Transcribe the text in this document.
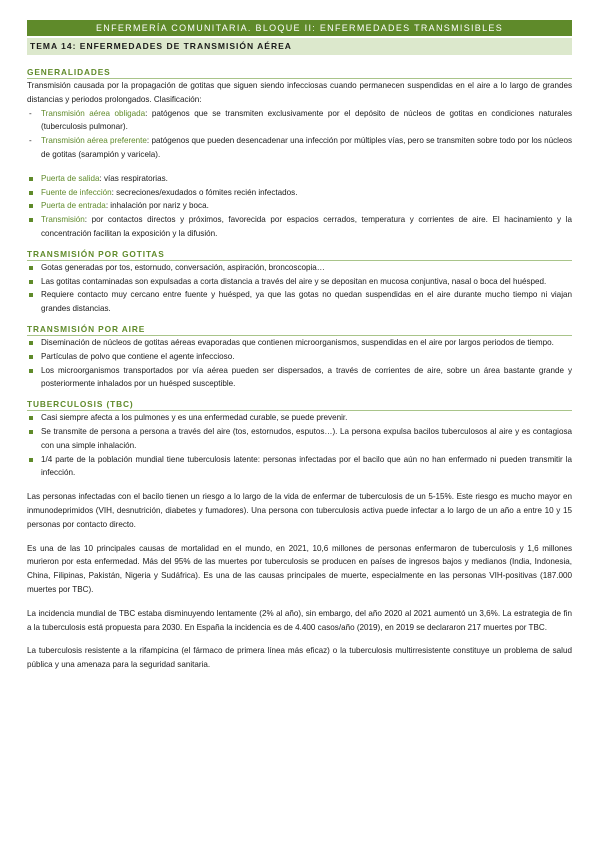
ENFERMERÍA COMUNITARIA. BLOQUE II: ENFERMEDADES TRANSMISIBLES
TEMA 14: ENFERMEDADES DE TRANSMISIÓN AÉREA
GENERALIDADES

Transmisión causada por la propagación de gotitas que siguen siendo infecciosas cuando permanecen suspendidas en el aire a lo largo de grandes distancias y periodos prolongados. Clasificación:

- Transmisión aérea obligada: patógenos que se transmiten exclusivamente por el depósito de núcleos de gotitas en condiciones naturales (tuberculosis pulmonar).
- Transmisión aérea preferente: patógenos que pueden desencadenar una infección por múltiples vías, pero se transmiten sobre todo por los núcleos de gotitas (sarampión y varicela).
Puerta de salida: vías respiratorias.
Fuente de infección: secreciones/exudados o fómites recién infectados.
Puerta de entrada: inhalación por nariz y boca.
Transmisión: por contactos directos y próximos, favorecida por espacios cerrados, temperatura y corrientes de aire. El hacinamiento y la concentración facilitan la exposición y la difusión.
TRANSMISIÓN POR GOTITAS
Gotas generadas por tos, estornudo, conversación, aspiración, broncoscopia…
Las gotitas contaminadas son expulsadas a corta distancia a través del aire y se depositan en mucosa conjuntiva, nasal o boca del huésped.
Requiere contacto muy cercano entre fuente y huésped, ya que las gotas no quedan suspendidas en el aire durante mucho tiempo ni viajan grandes distancias.
TRANSMISIÓN POR AIRE
Diseminación de núcleos de gotitas aéreas evaporadas que contienen microorganismos, suspendidas en el aire por largos periodos de tiempo.
Partículas de polvo que contiene el agente infeccioso.
Los microorganismos transportados por vía aérea pueden ser dispersados, a través de corrientes de aire, sobre un área bastante grande y posteriormente inhalados por un huésped susceptible.
TUBERCULOSIS (TBC)
Casi siempre afecta a los pulmones y es una enfermedad curable, se puede prevenir.
Se transmite de persona a persona a través del aire (tos, estornudos, esputos…). La persona expulsa bacilos tuberculosos al aire y es contagiosa con una simple inhalación.
1/4 parte de la población mundial tiene tuberculosis latente: personas infectadas por el bacilo que aún no han enfermado ni pueden transmitir la infección.

Las personas infectadas con el bacilo tienen un riesgo a lo largo de la vida de enfermar de tuberculosis de un 5-15%. Este riesgo es mucho mayor en inmunodeprimidos (VIH, desnutrición, diabetes y fumadores). Una persona con tuberculosis activa puede infectar a lo largo de un año a entre 10 y 15 personas por contacto directo.

Es una de las 10 principales causas de mortalidad en el mundo, en 2021, 10,6 millones de personas enfermaron de tuberculosis y 1,6 millones murieron por esta enfermedad. Más del 95% de las muertes por tuberculosis se producen en países de ingresos bajos y medianos (India, Indonesia, China, Filipinas, Pakistán, Nigeria y Sudáfrica). Es una de las causas principales de muerte, especialmente en las personas VIH-positivas (187.000 muertes por TBC).

La incidencia mundial de TBC estaba disminuyendo lentamente (2% al año), sin embargo, del año 2020 al 2021 aumentó un 3,6%. La estrategia de fin a la tuberculosis está propuesta para 2030. En España la incidencia es de 4.400 casos/año (2019), en 2019 se declararon 217 muertes por TBC.

La tuberculosis resistente a la rifampicina (el fármaco de primera línea más eficaz) o la tuberculosis multirresistente constituye un problema de salud pública y una amenaza para la seguridad sanitaria.
